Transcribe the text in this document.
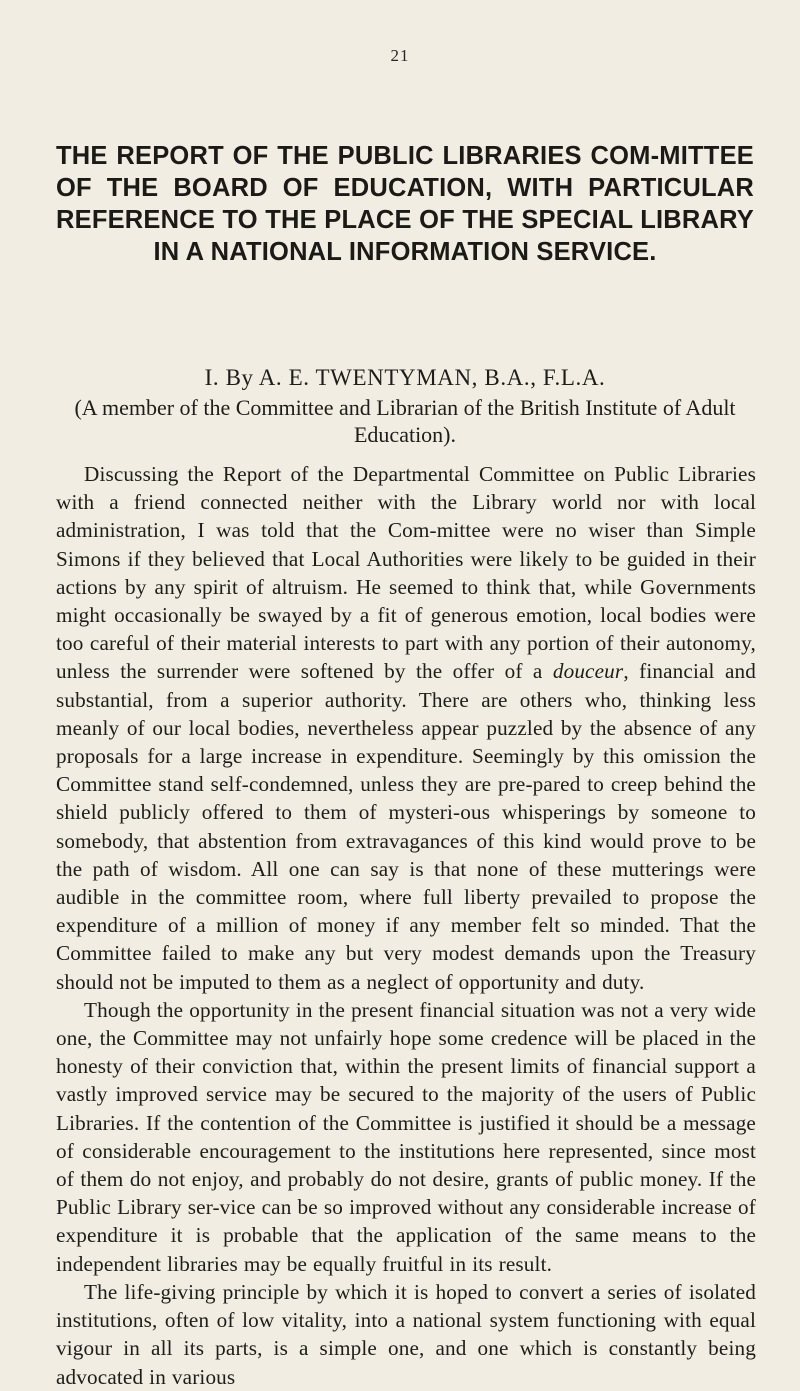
21
THE REPORT OF THE PUBLIC LIBRARIES COM-MITTEE OF THE BOARD OF EDUCATION, WITH PARTICULAR REFERENCE TO THE PLACE OF THE SPECIAL LIBRARY IN A NATIONAL INFORMATION SERVICE.

I. By A. E. TWENTYMAN, B.A., F.L.A.

(A member of the Committee and Librarian of the British Institute of Adult Education).

Discussing the Report of the Departmental Committee on Public Libraries with a friend connected neither with the Library world nor with local administration, I was told that the Com-mittee were no wiser than Simple Simons if they believed that Local Authorities were likely to be guided in their actions by any spirit of altruism. He seemed to think that, while Governments might occasionally be swayed by a fit of generous emotion, local bodies were too careful of their material interests to part with any portion of their autonomy, unless the surrender were softened by the offer of a douceur, financial and substantial, from a superior authority. There are others who, thinking less meanly of our local bodies, nevertheless appear puzzled by the absence of any proposals for a large increase in expenditure. Seemingly by this omission the Committee stand self-condemned, unless they are pre-pared to creep behind the shield publicly offered to them of mysteri-ous whisperings by someone to somebody, that abstention from extravagances of this kind would prove to be the path of wisdom. All one can say is that none of these mutterings were audible in the committee room, where full liberty prevailed to propose the expenditure of a million of money if any member felt so minded. That the Committee failed to make any but very modest demands upon the Treasury should not be imputed to them as a neglect of opportunity and duty.

Though the opportunity in the present financial situation was not a very wide one, the Committee may not unfairly hope some credence will be placed in the honesty of their conviction that, within the present limits of financial support a vastly improved service may be secured to the majority of the users of Public Libraries. If the contention of the Committee is justified it should be a message of considerable encouragement to the institutions here represented, since most of them do not enjoy, and probably do not desire, grants of public money. If the Public Library ser-vice can be so improved without any considerable increase of expenditure it is probable that the application of the same means to the independent libraries may be equally fruitful in its result.

The life-giving principle by which it is hoped to convert a series of isolated institutions, often of low vitality, into a national system functioning with equal vigour in all its parts, is a simple one, and one which is constantly being advocated in various
